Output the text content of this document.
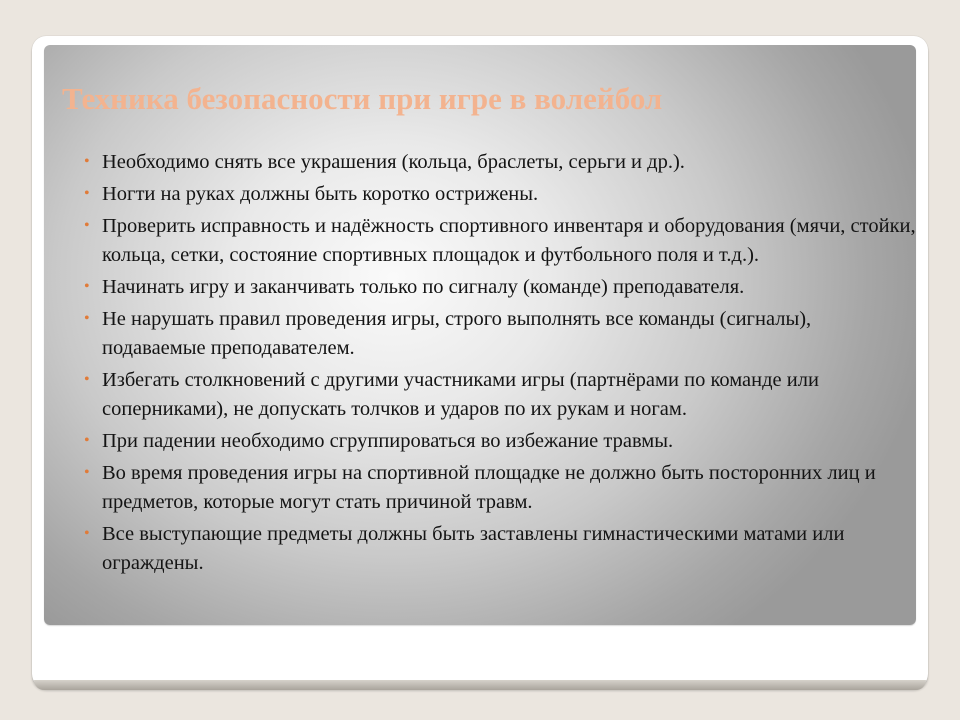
Техника безопасности при игре в волейбол
• Необходимо снять все украшения (кольца, браслеты, серьги и др.).
• Ногти на руках должны быть коротко острижены.
• Проверить исправность и надёжность спортивного инвентаря и оборудования (мячи, стойки, кольца, сетки, состояние спортивных площадок и футбольного поля и т.д.).
• Начинать игру и заканчивать только по сигналу (команде) преподавателя.
• Не нарушать правил проведения игры, строго выполнять все команды (сигналы), подаваемые преподавателем.
• Избегать столкновений с другими участниками игры (партнёрами по команде или соперниками), не допускать толчков и ударов по их рукам и ногам.
• При падении необходимо сгруппироваться во избежание травмы.
• Во время проведения игры на спортивной площадке не должно быть посторонних лиц и предметов, которые могут стать причиной травм.
• Все выступающие предметы должны быть заставлены гимнастическими матами или ограждены.
